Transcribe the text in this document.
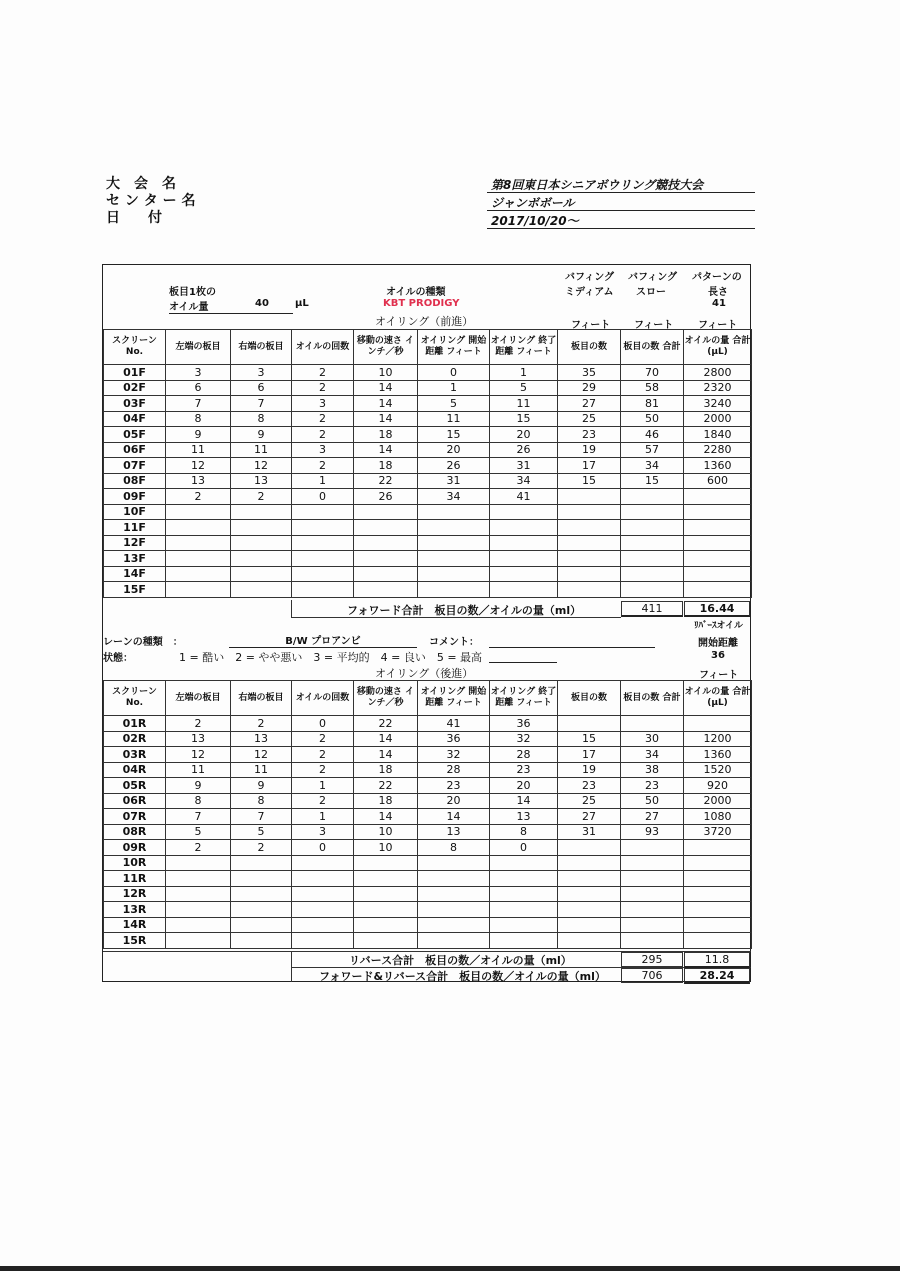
大　会　名
セ ン タ ー 名
日　　付
第8回東日本シニアボウリング競技大会
ジャンボボール
2017/10/20〜
板目1枚の
オイル量	40	μL
オイルの種類
KBT PRODIGY
オイリング（前進）
バフィング
ミディアム
バフィング
スロー
パターンの
長さ
41
フィート フィート フィート
スクリーンNo.	左端の板目	右端の板目	オイルの回数	移動の速さ インチ／秒	オイリング 開始距離 フィート	オイリング 終了距離 フィート	板目の数	板目の数 合計	オイルの量 合計(μL)
01F	3	3	2	10	0	1	35	70	2800
02F	6	6	2	14	1	5	29	58	2320
03F	7	7	3	14	5	11	27	81	3240
04F	8	8	2	14	11	15	25	50	2000
05F	9	9	2	18	15	20	23	46	1840
06F	11	11	3	14	20	26	19	57	2280
07F	12	12	2	18	26	31	17	34	1360
08F	13	13	1	22	31	34	15	15	600
09F	2	2	0	26	34	41			
10F									
11F									
12F									
13F									
14F									
15F									
フォワード合計　板目の数／オイルの量（ml）	411	16.44
ﾘﾊﾞｰｽオイル
開始距離
36
フィート
レーンの種類　：	B/W プロアンビ	コメント：
状態：	1 = 酷い　2 = やや悪い　3 = 平均的　4 = 良い　5 = 最高
オイリング（後進）
スクリーンNo.	左端の板目	右端の板目	オイルの回数	移動の速さ インチ／秒	オイリング 開始距離 フィート	オイリング 終了距離 フィート	板目の数	板目の数 合計	オイルの量 合計(μL)
01R	2	2	0	22	41	36			
02R	13	13	2	14	36	32	15	30	1200
03R	12	12	2	14	32	28	17	34	1360
04R	11	11	2	18	28	23	19	38	1520
05R	9	9	1	22	23	20	23	23	920
06R	8	8	2	18	20	14	25	50	2000
07R	7	7	1	14	14	13	27	27	1080
08R	5	5	3	10	13	8	31	93	3720
09R	2	2	0	10	8	0			
10R									
11R									
12R									
13R									
14R									
15R									
リバース合計　板目の数／オイルの量（ml）	295	11.8
フォワード&リバース合計　板目の数／オイルの量（ml）	706	28.24
